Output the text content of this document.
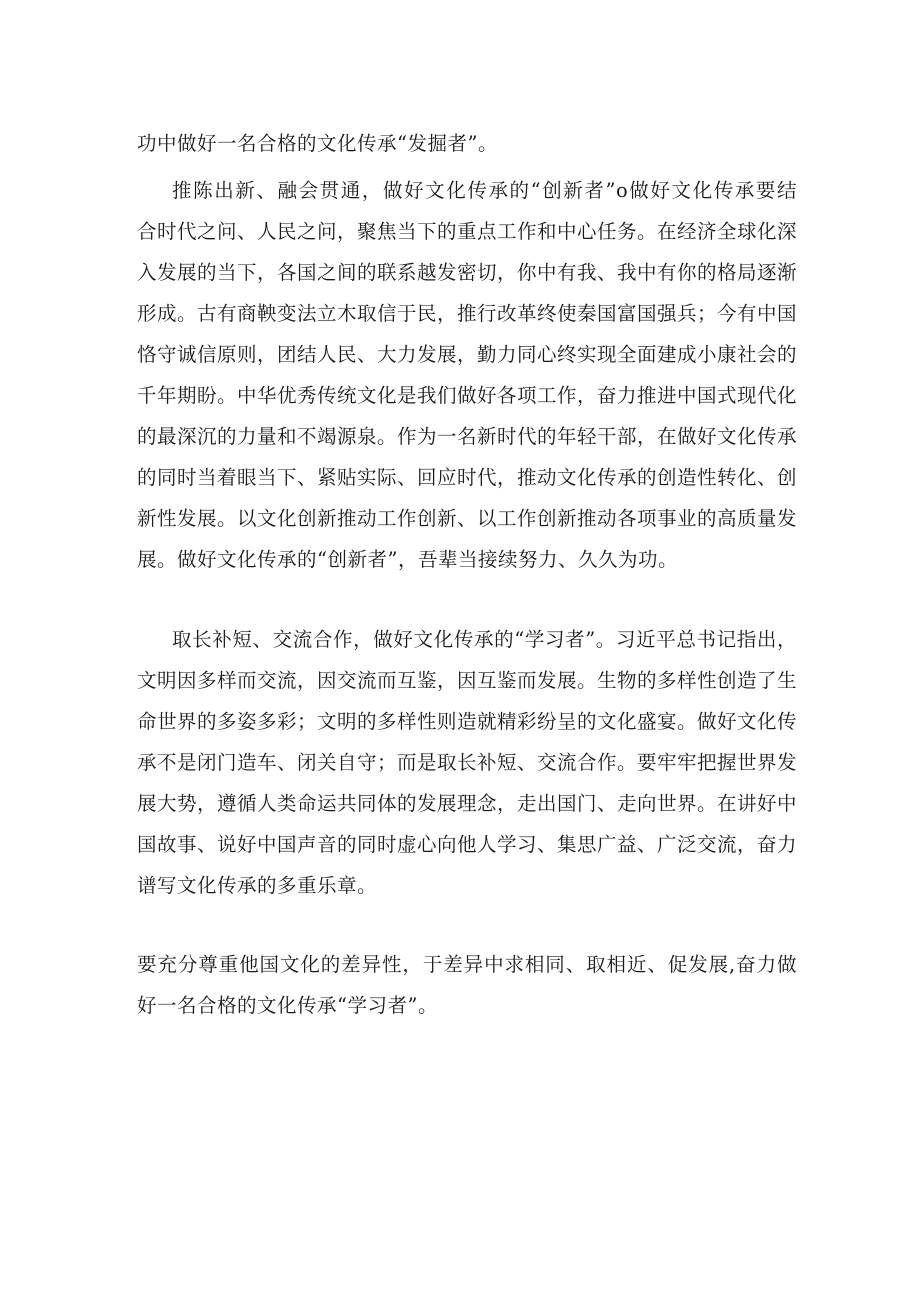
功中做好一名合格的文化传承“发掘者”。
推陈出新、融会贯通，做好文化传承的“创新者”o做好文化传承要结
合时代之问、人民之问，聚焦当下的重点工作和中心任务。在经济全球化深
入发展的当下，各国之间的联系越发密切，你中有我、我中有你的格局逐渐
形成。古有商鞅变法立木取信于民，推行改革终使秦国富国强兵；今有中国
恪守诚信原则，团结人民、大力发展，勤力同心终实现全面建成小康社会的
千年期盼。中华优秀传统文化是我们做好各项工作，奋力推进中国式现代化
的最深沉的力量和不竭源泉。作为一名新时代的年轻干部，在做好文化传承
的同时当着眼当下、紧贴实际、回应时代，推动文化传承的创造性转化、创
新性发展。以文化创新推动工作创新、以工作创新推动各项事业的高质量发
展。做好文化传承的“创新者”，吾辈当接续努力、久久为功。
取长补短、交流合作，做好文化传承的“学习者”。习近平总书记指出，
文明因多样而交流，因交流而互鉴，因互鉴而发展。生物的多样性创造了生
命世界的多姿多彩；文明的多样性则造就精彩纷呈的文化盛宴。做好文化传
承不是闭门造车、闭关自守；而是取长补短、交流合作。要牢牢把握世界发
展大势，遵循人类命运共同体的发展理念，走出国门、走向世界。在讲好中
国故事、说好中国声音的同时虚心向他人学习、集思广益、广泛交流，奋力
谱写文化传承的多重乐章。
要充分尊重他国文化的差异性，于差异中求相同、取相近、促发展,奋力做
好一名合格的文化传承“学习者”。
